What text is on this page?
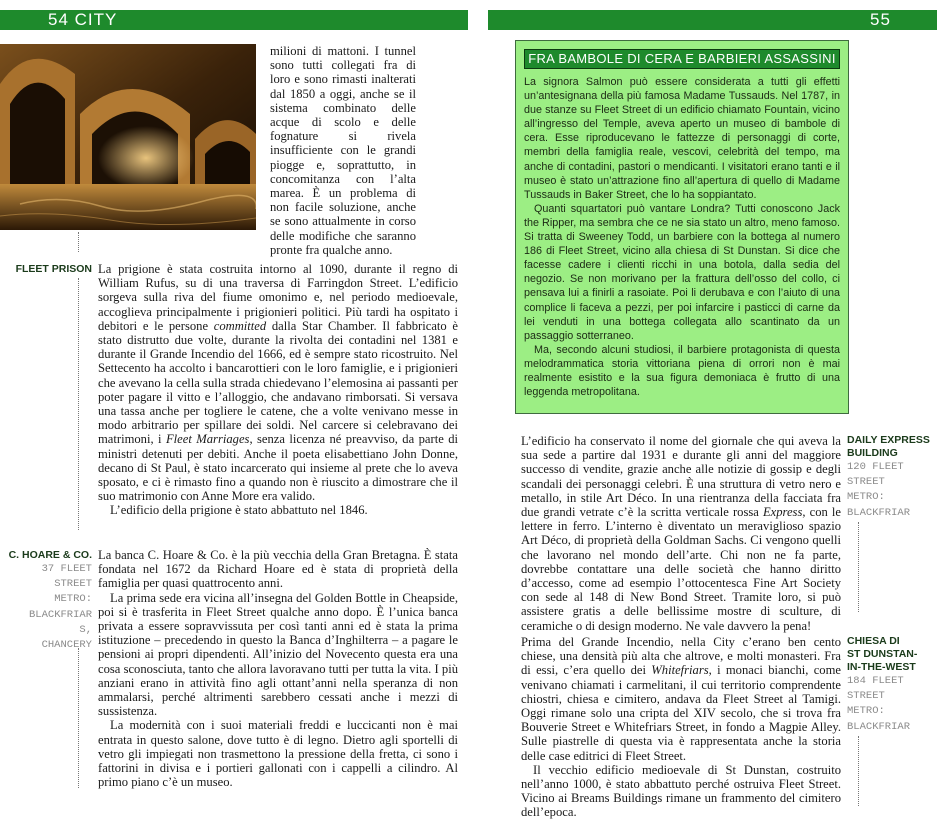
54 CITY	55

milioni di mattoni. I tunnel sono tutti collegati fra di loro e sono rimasti inalterati dal 1850 a oggi, anche se il sistema combinato delle acque di scolo e delle fognature si rivela insufficiente con le grandi piogge e, soprattutto, in concomitanza con l’alta marea. È un problema di non facile soluzione, anche se sono attualmente in corso delle modifiche che saranno pronte fra qualche anno.

FLEET PRISON La prigione è stata costruita intorno al 1090, durante il regno di William Rufus, su di una traversa di Farringdon Street. L’edificio sorgeva sulla riva del fiume omonimo e, nel periodo medioevale, accoglieva principalmente i prigionieri politici. Più tardi ha ospitato i debitori e le persone committed dalla Star Chamber. Il fabbricato è stato distrutto due volte, durante la rivolta dei contadini nel 1381 e durante il Grande Incendio del 1666, ed è sempre stato ricostruito. Nel Settecento ha accolto i bancarottieri con le loro famiglie, e i prigionieri che avevano la cella sulla strada chiedevano l’elemosina ai passanti per poter pagare il vitto e l’alloggio, che andavano rimborsati. Si versava una tassa anche per togliere le catene, che a volte venivano messe in modo arbitrario per spillare dei soldi. Nel carcere si celebravano dei matrimoni, i Fleet Marriages, senza licenza né preavviso, da parte di ministri detenuti per debiti. Anche il poeta elisabettiano John Donne, decano di St Paul, è stato incarcerato qui insieme al prete che lo aveva sposato, e ci è rimasto fino a quando non è riuscito a dimostrare che il suo matrimonio con Anne More era valido.

L’edificio della prigione è stato abbattuto nel 1846.

C. HOARE & CO.

37 FLEET

STREET

METRO:

BLACKFRIAR

S,

CHANCERY

La banca C. Hoare & Co. è la più vecchia della Gran Bretagna. È stata fondata nel 1672 da Richard Hoare ed è stata di proprietà della famiglia per quasi quattrocento anni.

La prima sede era vicina all’insegna del Golden Bottle in Cheapside, poi si è trasferita in Fleet Street qualche anno dopo. È l’unica banca privata a essere sopravvissuta per così tanti anni ed è stata la prima istituzione – precedendo in questo la Banca d’Inghilterra – a pagare le pensioni ai propri dipendenti. All’inizio del Novecento questa era una cosa sconosciuta, tanto che allora lavoravano tutti per tutta la vita. I più anziani erano in attività fino agli ottant’anni nella speranza di non ammalarsi, perché altrimenti sarebbero cessati anche i mezzi di sussistenza.

La modernità con i suoi materiali freddi e luccicanti non è mai entrata in questo salone, dove tutto è di legno. Dietro agli sportelli di vetro gli impiegati non trasmettono la pressione della fretta, ci sono i fattorini in divisa e i portieri gallonati con i cappelli a cilindro. Al primo piano c’è un museo.

FRA BAMBOLE DI CERA E BARBIERI ASSASSINI

La signora Salmon può essere considerata a tutti gli effetti un’antesignana della più famosa Madame Tussauds. Nel 1787, in due stanze su Fleet Street di un edificio chiamato Fountain, vicino all’ingresso del Temple, aveva aperto un museo di bambole di cera. Esse riproducevano le fattezze di personaggi di corte, membri della famiglia reale, vescovi, celebrità del tempo, ma anche di contadini, pastori o mendicanti. I visitatori erano tanti e il museo è stato un’attrazione fino all’apertura di quello di Madame Tussauds in Baker Street, che lo ha soppiantato.

Quanti squartatori può vantare Londra? Tutti conoscono Jack the Ripper, ma sembra che ce ne sia stato un altro, meno famoso. Si tratta di Sweeney Todd, un barbiere con la bottega al numero 186 di Fleet Street, vicino alla chiesa di St Dunstan. Si dice che facesse cadere i clienti ricchi in una botola, dalla sedia del negozio. Se non morivano per la frattura dell’osso del collo, ci pensava lui a finirli a rasoiate. Poi li derubava e con l’aiuto di una complice li faceva a pezzi, per poi infarcire i pasticci di carne da lei venduti in una bottega collegata allo scantinato da un passaggio sotterraneo.

Ma, secondo alcuni studiosi, il barbiere protagonista di questa melodrammatica storia vittoriana piena di orrori non è mai realmente esistito e la sua figura demoniaca è frutto di una leggenda metropolitana.

L’edificio ha conservato il nome del giornale che qui aveva la sua sede a partire dal 1931 e durante gli anni del maggiore successo di vendite, grazie anche alle notizie di gossip e degli scandali dei personaggi celebri. È una struttura di vetro nero e metallo, in stile Art Déco. In una rientranza della facciata fra due grandi vetrate c’è la scritta verticale rossa Express, con le lettere in ferro. L’interno è diventato un meraviglioso spazio Art Déco, di proprietà della Goldman Sachs. Ci vengono quelli che lavorano nel mondo dell’arte. Chi non ne fa parte, dovrebbe contattare una delle società che hanno diritto d’accesso, come ad esempio l’ottocentesca Fine Art Society con sede al 148 di New Bond Street. Tramite loro, si può assistere gratis a delle bellissime mostre di sculture, di ceramiche o di design moderno. Ne vale davvero la pena!

DAILY EXPRESS

BUILDING

120 FLEET

STREET

METRO:

BLACKFRIAR

Prima del Grande Incendio, nella City c’erano ben cento chiese, una densità più alta che altrove, e molti monasteri. Fra di essi, c’era quello dei Whitefriars, i monaci bianchi, come venivano chiamati i carmelitani, il cui territorio comprendente chiostri, chiesa e cimitero, andava da Fleet Street al Tamigi. Oggi rimane solo una cripta del XIV secolo, che si trova fra Bouverie Street e Whitefriars Street, in fondo a Magpie Alley. Sulle piastrelle di questa via è rappresentata anche la storia delle case editrici di Fleet Street.

Il vecchio edificio medioevale di St Dunstan, costruito nell’anno 1000, è stato abbattuto perché ostruiva Fleet Street. Vicino ai Breams Buildings rimane un frammento del cimitero dell’epoca.

CHIESA DI

ST DUNSTAN-

IN-THE-WEST

184 FLEET

STREET

METRO:

BLACKFRIAR
